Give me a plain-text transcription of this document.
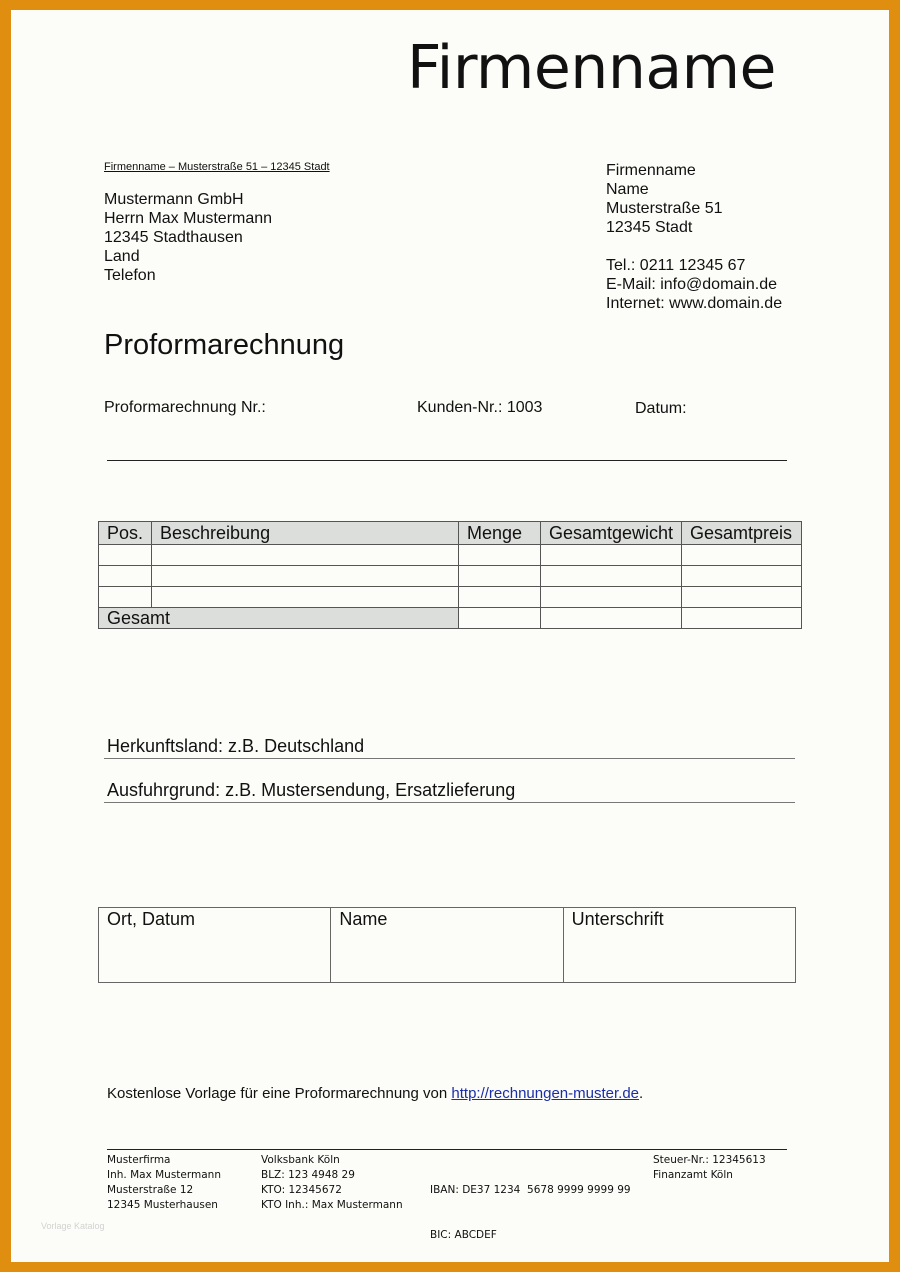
Firmenname
Firmenname – Musterstraße 51 – 12345 Stadt
Mustermann GmbH
Herrn Max Mustermann
12345 Stadthausen
Land
Telefon
Firmenname
Name
Musterstraße 51
12345 Stadt
Tel.: 0211 12345 67
E-Mail: info@domain.de
Internet: www.domain.de
Proformarechnung
Proformarechnung Nr.:	Kunden-Nr.: 1003	Datum:
Pos.	Beschreibung	Menge	Gesamtgewicht	Gesamtpreis

Gesamt				
Herkunftsland: z.B. Deutschland
Ausfuhrgrund: z.B. Mustersendung, Ersatzlieferung
Ort, Datum	Name	Unterschrift
Kostenlose Vorlage für eine Proformarechnung von http://rechnungen-muster.de.
Musterfirma
Inh. Max Mustermann
Musterstraße 12
12345 Musterhausen
Volksbank Köln
BLZ: 123 4948 29
KTO: 12345672
KTO Inh.: Max Mustermann

IBAN: DE37 1234  5678 9999 9999 99

BIC: ABCDEF

Steuer-Nr.: 12345613
Finanzamt Köln
Vorlage Katalog
